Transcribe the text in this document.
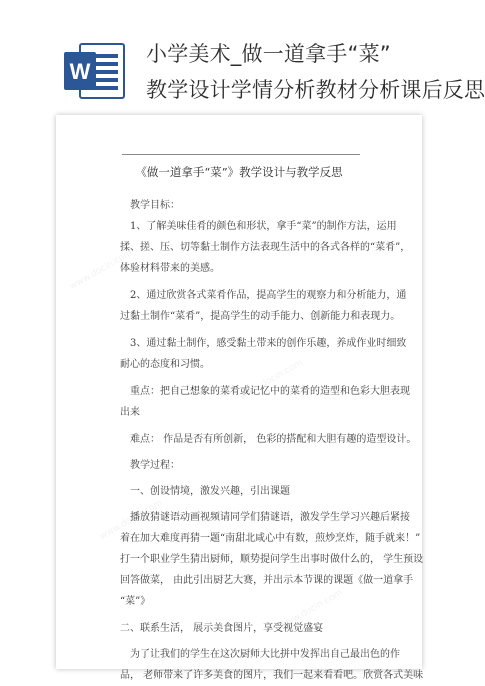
W
小学美术_做一道拿手“菜”
教学设计学情分析教材分析课后反思
www.docin.com
www.docin.com
www.docin.com
www.docin.com
《做一道拿手“菜”》教学设计与教学反思
教学目标：
1、了解美味佳肴的颜色和形状，拿手“菜”的制作方法，运用
揉、搓、压、切等黏土制作方法表现生活中的各式各样的“菜肴”，
体验材料带来的美感。
2、通过欣赏各式菜肴作品，提高学生的观察力和分析能力，通
过黏土制作“菜肴”，提高学生的动手能力、创新能力和表现力。
3、通过黏土制作，感受黏土带来的创作乐趣，养成作业时细致
耐心的态度和习惯。
重点：把自己想象的菜肴或记忆中的菜肴的造型和色彩大胆表现
出来
难点： 作品是否有所创新， 色彩的搭配和大胆有趣的造型设计。
教学过程：
一、创设情境，激发兴趣，引出课题
播放猜谜语动画视频请同学们猜谜语，激发学生学习兴趣后紧接
着在加大难度再猜一题“南甜北咸心中有数，煎炒烹炸，随手就来！”
打一个职业学生猜出厨师，顺势提问学生出事时做什么的， 学生预设
回答做菜， 由此引出厨艺大赛，并出示本节课的课题《做一道拿手
“菜”》
二、联系生活， 展示美食图片，享受视觉盛宴
为了让我们的学生在这次厨师大比拼中发挥出自己最出色的作
品， 老师带来了许多美食的图片，我们一起来看看吧。欣赏各式美味
